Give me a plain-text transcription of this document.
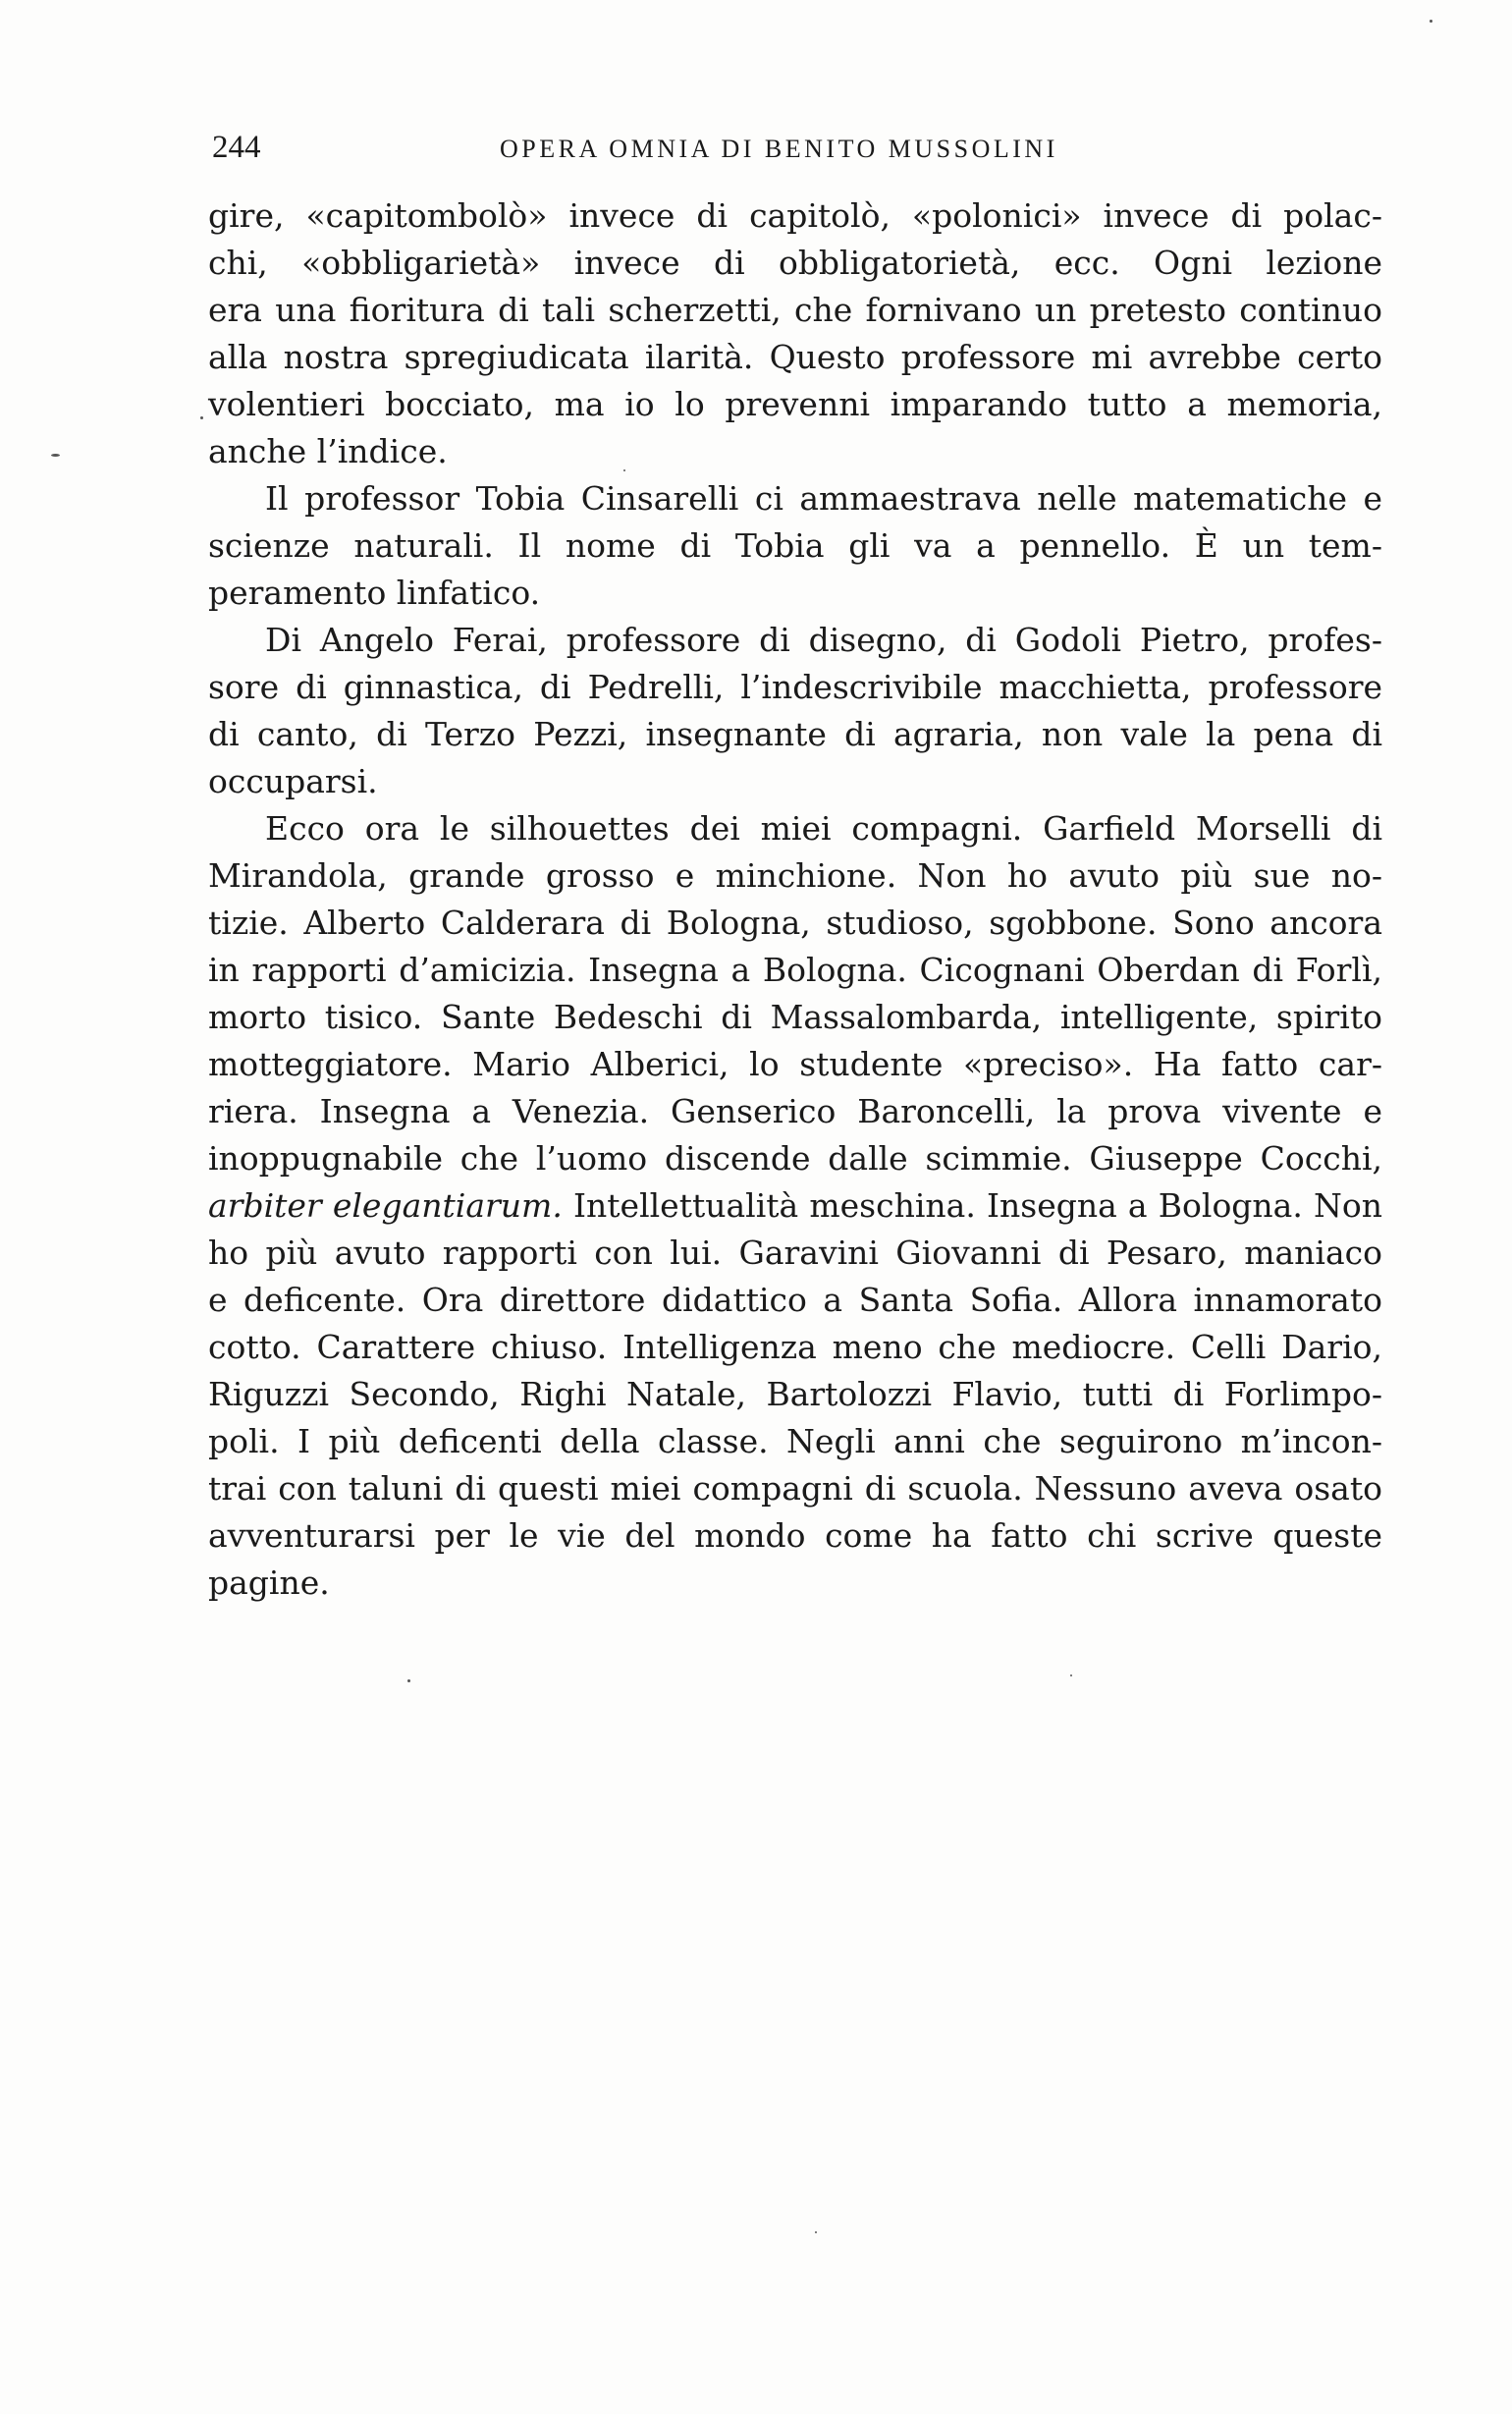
244	OPERA OMNIA DI BENITO MUSSOLINI
gire, «capitombolò» invece di capitolò, «polonici» invece di polac-
chi, «obbligarietà» invece di obbligatorietà, ecc. Ogni lezione
era una fioritura di tali scherzetti, che fornivano un pretesto continuo
alla nostra spregiudicata ilarità. Questo professore mi avrebbe certo
volentieri bocciato, ma io lo prevenni imparando tutto a memoria,
anche l’indice.
Il professor Tobia Cinsarelli ci ammaestrava nelle matematiche e
scienze naturali. Il nome di Tobia gli va a pennello. È un tem-
peramento linfatico.
Di Angelo Ferai, professore di disegno, di Godoli Pietro, profes-
sore di ginnastica, di Pedrelli, l’indescrivibile macchietta, professore
di canto, di Terzo Pezzi, insegnante di agraria, non vale la pena di
occuparsi.
Ecco ora le silhouettes dei miei compagni. Garfield Morselli di
Mirandola, grande grosso e minchione. Non ho avuto più sue no-
tizie. Alberto Calderara di Bologna, studioso, sgobbone. Sono ancora
in rapporti d’amicizia. Insegna a Bologna. Cicognani Oberdan di Forlì,
morto tisico. Sante Bedeschi di Massalombarda, intelligente, spirito
motteggiatore. Mario Alberici, lo studente «preciso». Ha fatto car-
riera. Insegna a Venezia. Genserico Baroncelli, la prova vivente e
inoppugnabile che l’uomo discende dalle scimmie. Giuseppe Cocchi,
arbiter elegantiarum. Intellettualità meschina. Insegna a Bologna. Non
ho più avuto rapporti con lui. Garavini Giovanni di Pesaro, maniaco
e deficente. Ora direttore didattico a Santa Sofia. Allora innamorato
cotto. Carattere chiuso. Intelligenza meno che mediocre. Celli Dario,
Riguzzi Secondo, Righi Natale, Bartolozzi Flavio, tutti di Forlimpo-
poli. I più deficenti della classe. Negli anni che seguirono m’incon-
trai con taluni di questi miei compagni di scuola. Nessuno aveva osato
avventurarsi per le vie del mondo come ha fatto chi scrive queste
pagine.
